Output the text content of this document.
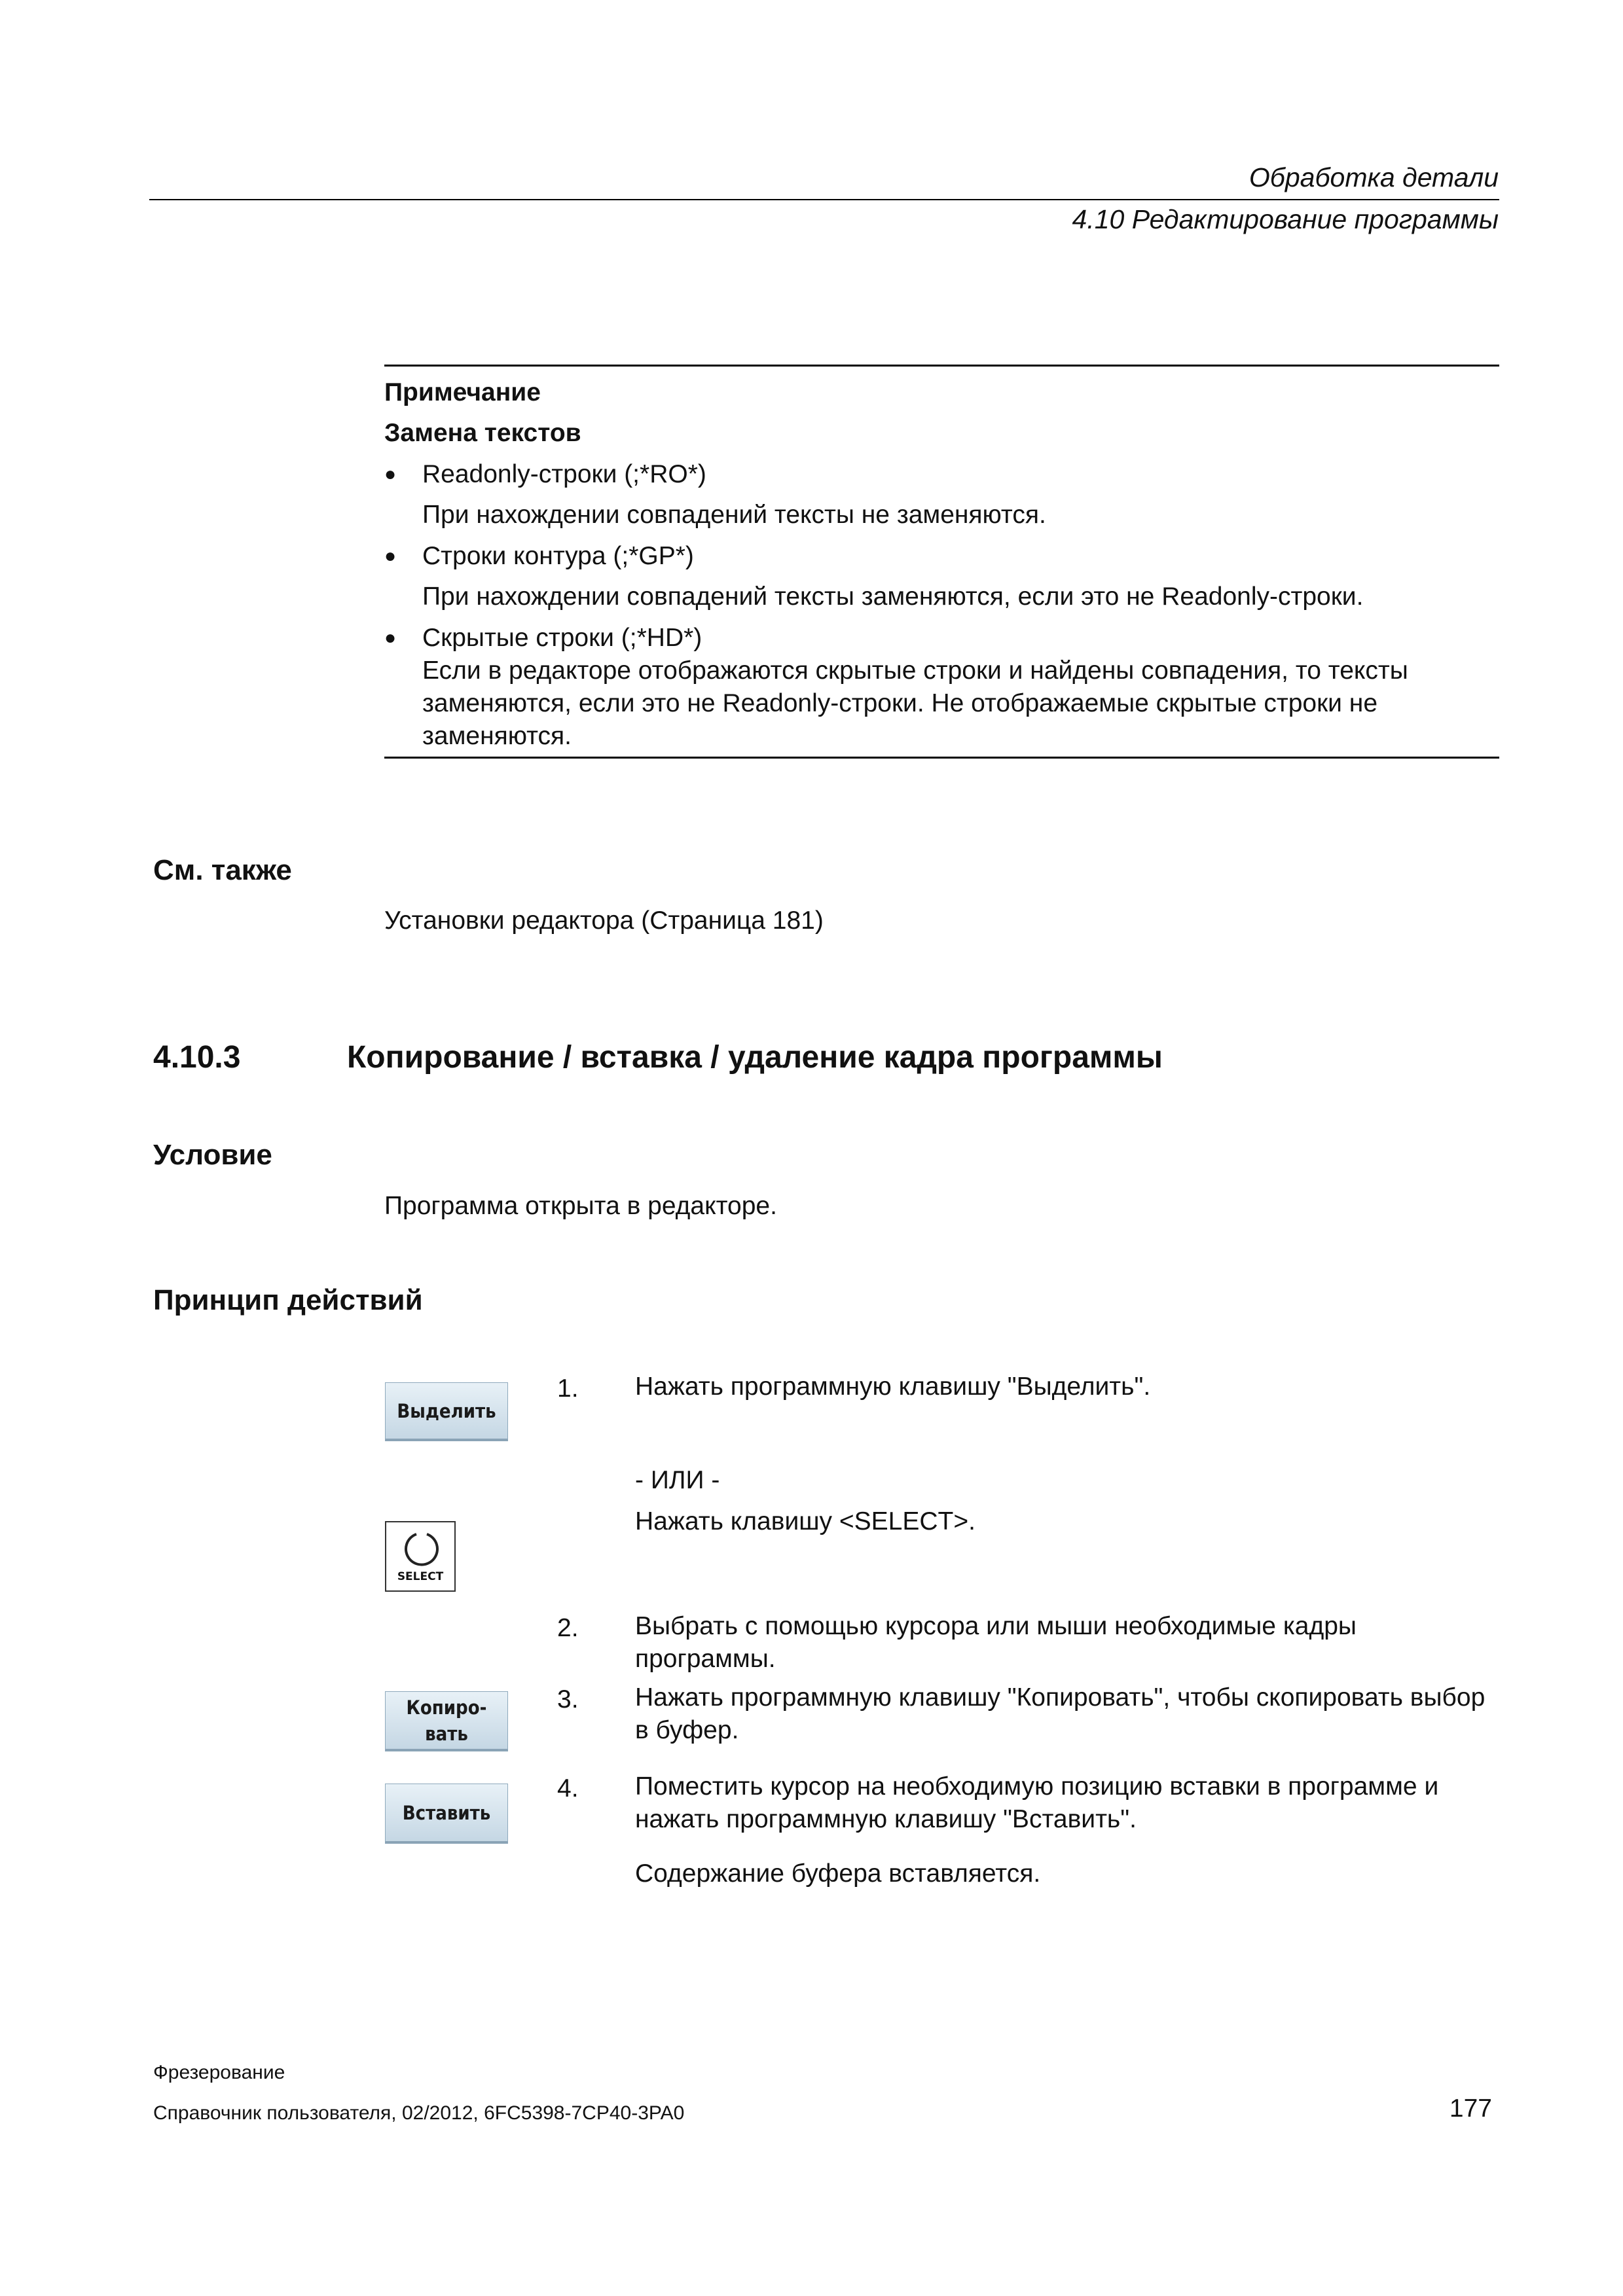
Обработка детали
4.10 Редактирование программы
Примечание
Замена текстов
● Readonly-строки (;*RO*)
При нахождении совпадений тексты не заменяются.
● Строки контура (;*GP*)
При нахождении совпадений тексты заменяются, если это не Readonly-строки.
● Скрытые строки (;*HD*)
Если в редакторе отображаются скрытые строки и найдены совпадения, то тексты заменяются, если это не Readonly-строки. Не отображаемые скрытые строки не заменяются.
См. также
Установки редактора (Страница 181)
4.10.3	Копирование / вставка / удаление кадра программы
Условие
Программа открыта в редакторе.
Принцип действий
Выделить
SELECT
Копиро-
вать
Вставить
1. Нажать программную клавишу "Выделить".
- ИЛИ -
Нажать клавишу <SELECT>.
2. Выбрать с помощью курсора или мыши необходимые кадры программы.
3. Нажать программную клавишу "Копировать", чтобы скопировать выбор в буфер.
4. Поместить курсор на необходимую позицию вставки в программе и нажать программную клавишу "Вставить".
Содержание буфера вставляется.
Фрезерование
Справочник пользователя, 02/2012, 6FC5398-7CP40-3PA0	177
